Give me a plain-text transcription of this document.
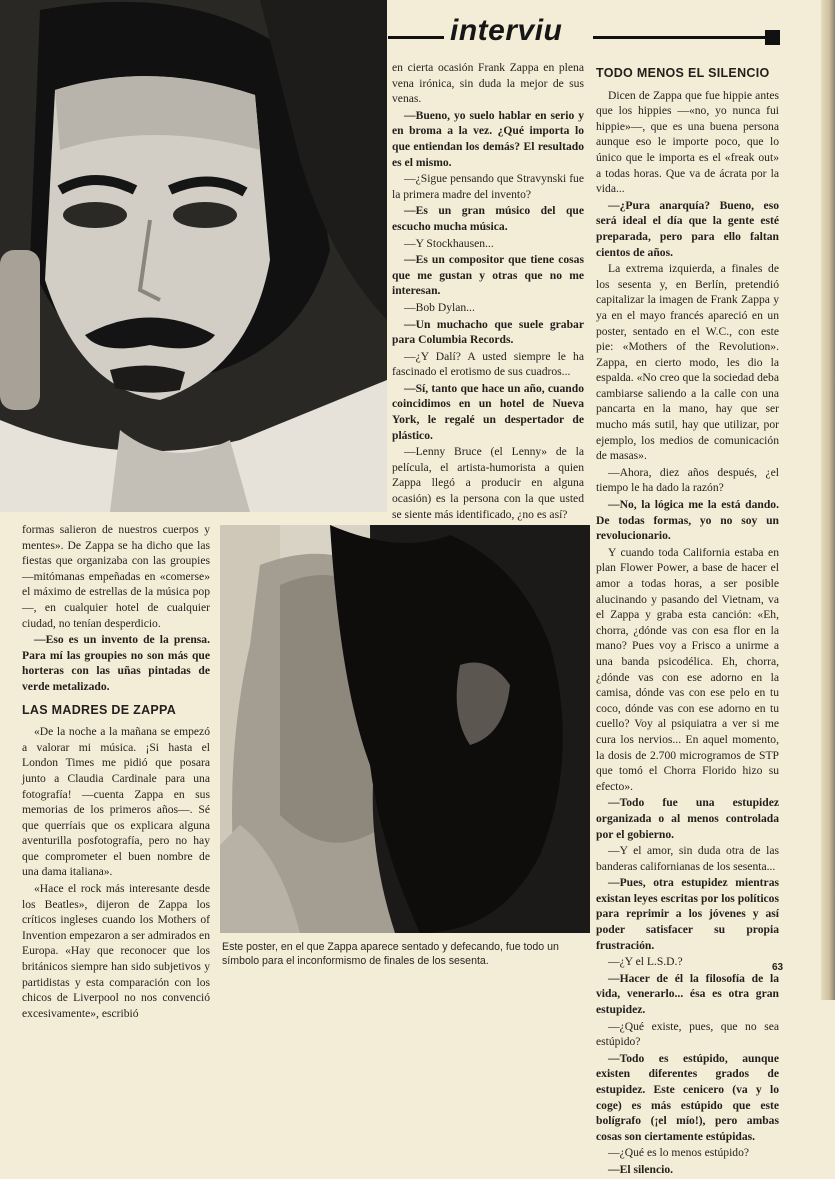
interviu

en cierta ocasión Frank Zappa en plena vena irónica, sin duda la mejor de sus venas.

—Bueno, yo suelo hablar en serio y en broma a la vez. ¿Qué importa lo que entiendan los demás? El resultado es el mismo.

—¿Sigue pensando que Stravynski fue la primera madre del invento?

—Es un gran músico del que escucho mucha música.

—Y Stockhausen...

—Es un compositor que tiene cosas que me gustan y otras que no me interesan.

—Bob Dylan...

—Un muchacho que suele grabar para Columbia Records.

—¿Y Dalí? A usted siempre le ha fascinado el erotismo de sus cuadros...

—Sí, tanto que hace un año, cuando coincidimos en un hotel de Nueva York, le regalé un despertador de plástico.

—Lenny Bruce (el Lenny» de la película, el artista-humorista a quien Zappa llegó a producir en alguna ocasión) es la persona con la que usted se siente más identificado, ¿no es así?

TODO MENOS EL SILENCIO

Dicen de Zappa que fue hippie antes que los hippies —«no, yo nunca fui hippie»—, que es una buena persona aunque eso le importe poco, que lo único que le importa es el «freak out» a todas horas. Que va de ácrata por la vida...

—¿Pura anarquía? Bueno, eso será ideal el día que la gente esté preparada, pero para ello faltan cientos de años.

La extrema izquierda, a finales de los sesenta y, en Berlín, pretendió capitalizar la imagen de Frank Zappa y ya en el mayo francés apareció en un poster, sentado en el W.C., con este pie: «Mothers of the Revolution». Zappa, en cierto modo, les dio la espalda. «No creo que la sociedad deba cambiarse saliendo a la calle con una pancarta en la mano, hay que ser mucho más sutil, hay que utilizar, por ejemplo, los medios de comunicación de masas».

—Ahora, diez años después, ¿el tiempo le ha dado la razón?

—No, la lógica me la está dando. De todas formas, yo no soy un revolucionario.

Y cuando toda California estaba en plan Flower Power, a base de hacer el amor a todas horas, a ser posible alucinando y pasando del Vietnam, va el Zappa y graba esta canción: «Eh, chorra, ¿dónde vas con esa flor en la mano? Pues voy a Frisco a unirme a una banda psicodélica. Eh, chorra, ¿dónde vas con ese adorno en la camisa, dónde vas con ese pelo en tu coco, dónde vas con ese adorno en tu cuello? Voy al psiquiatra a ver si me cura los nervios... En aquel momento, la dosis de 2.700 microgramos de STP que tomó el Chorra Florido hizo su efecto».

—Todo fue una estupidez organizada o al menos controlada por el gobierno.

—Y el amor, sin duda otra de las banderas californianas de los sesenta...

—Pues, otra estupidez mientras existan leyes escritas por los políticos para reprimir a los jóvenes y así poder satisfacer su propia frustración.

—¿Y el L.S.D.?

—Hacer de él la filosofía de la vida, venerarlo... ésa es otra gran estupidez.

—¿Qué existe, pues, que no sea estúpido?

—Todo es estúpido, aunque existen diferentes grados de estupidez. Este cenicero (va y lo coge) es más estúpido que este bolígrafo (¡el mío!), pero ambas cosas son ciertamente estúpidas.

—¿Qué es lo menos estúpido?

—El silencio.

formas salieron de nuestros cuerpos y mentes». De Zappa se ha dicho que las fiestas que organizaba con las groupies —mitómanas empeñadas en «comerse» el máximo de estrellas de la música pop—, en cualquier hotel de cualquier ciudad, no tenían desperdicio.

—Eso es un invento de la prensa. Para mí las groupies no son más que horteras con las uñas pintadas de verde metalizado.

LAS MADRES DE ZAPPA

«De la noche a la mañana se empezó a valorar mi música. ¡Si hasta el London Times me pidió que posara junto a Claudia Cardinale para una fotografía! —cuenta Zappa en sus memorias de los primeros años—. Sé que querríais que os explicara alguna aventurilla posfotografía, pero no hay que comprometer el buen nombre de una dama italiana».

«Hace el rock más interesante desde los Beatles», dijeron de Zappa los críticos ingleses cuando los Mothers of Invention empezaron a ser admirados en Europa. «Hay que reconocer que los británicos siempre han sido subjetivos y partidistas y esta comparación con los chicos de Liverpool no nos convenció excesivamente», escribió

Este poster, en el que Zappa aparece sentado y defecando, fue todo un símbolo para el inconformismo de finales de los sesenta.
63
